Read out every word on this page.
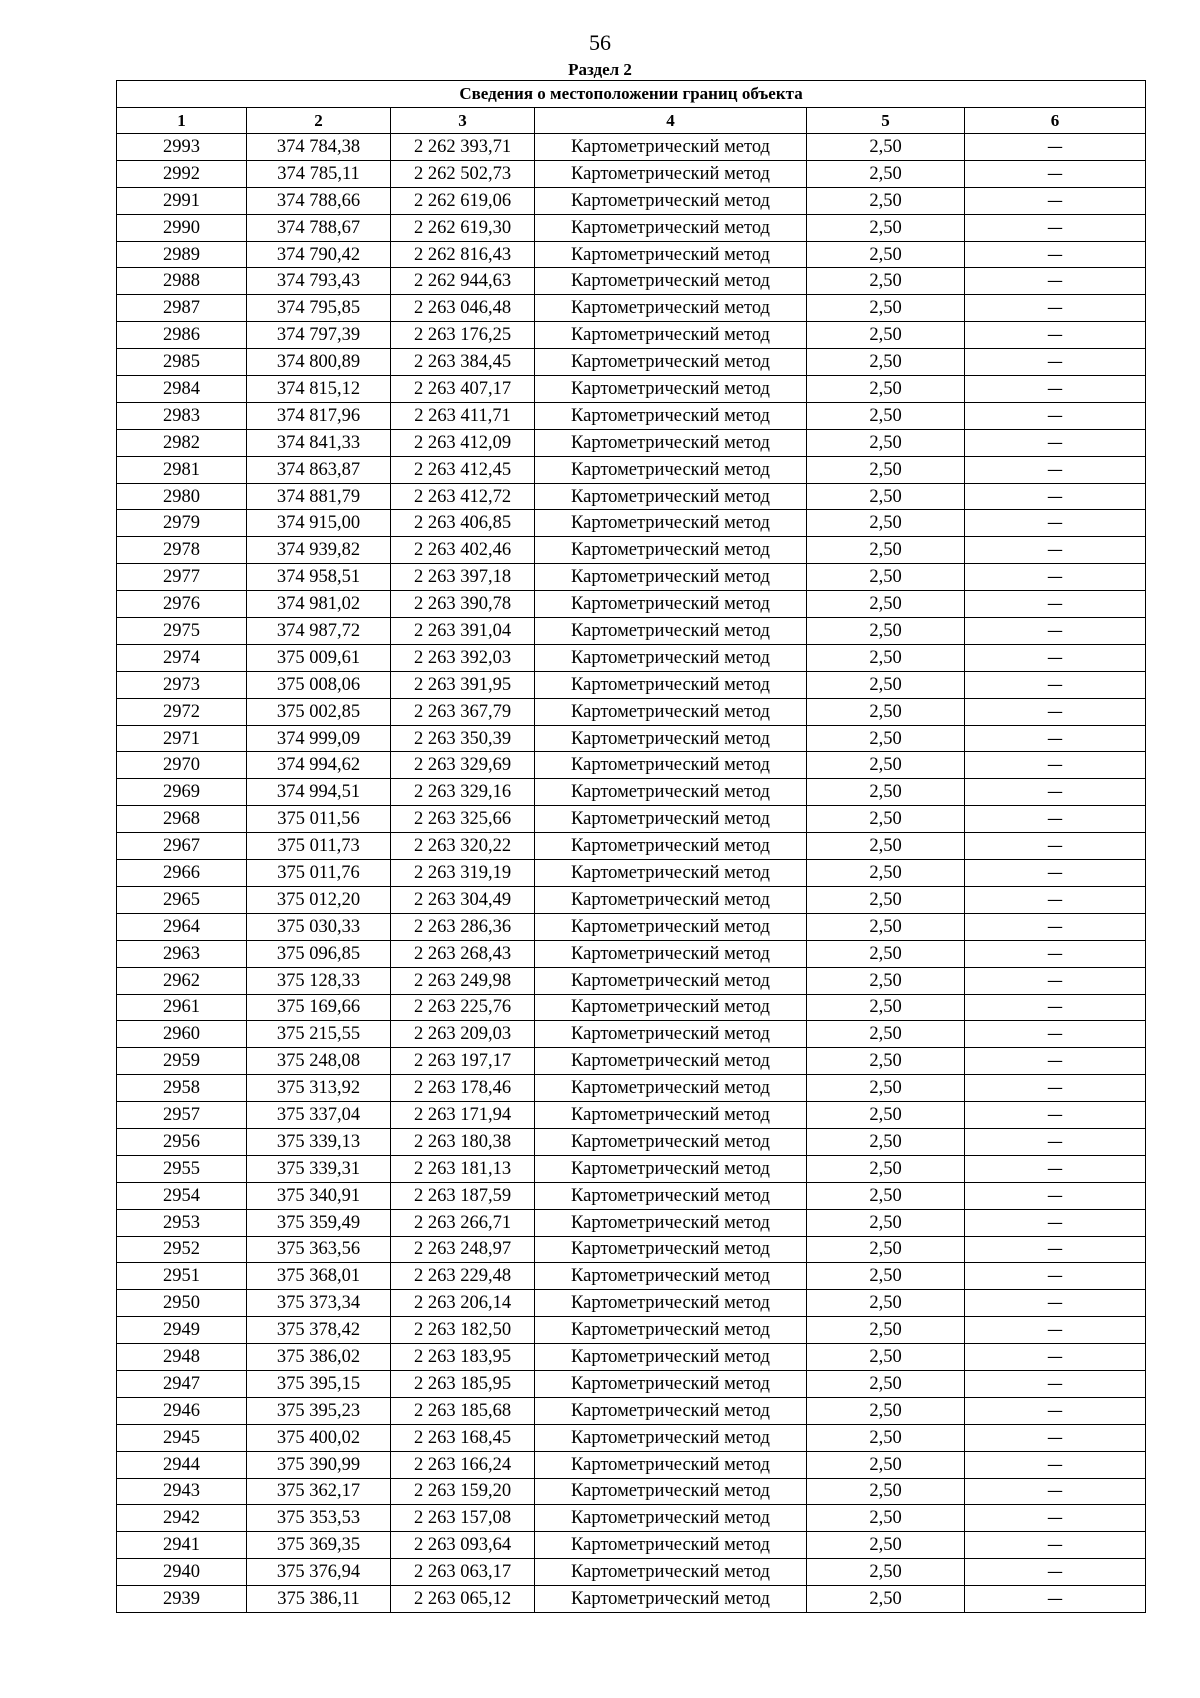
56
Раздел 2
Сведения о местоположении границ объекта					
1	2	3	4	5	6
2993	374 784,38	2 262 393,71	Картометрический метод	2,50	—
2992	374 785,11	2 262 502,73	Картометрический метод	2,50	—
2991	374 788,66	2 262 619,06	Картометрический метод	2,50	—
2990	374 788,67	2 262 619,30	Картометрический метод	2,50	—
2989	374 790,42	2 262 816,43	Картометрический метод	2,50	—
2988	374 793,43	2 262 944,63	Картометрический метод	2,50	—
2987	374 795,85	2 263 046,48	Картометрический метод	2,50	—
2986	374 797,39	2 263 176,25	Картометрический метод	2,50	—
2985	374 800,89	2 263 384,45	Картометрический метод	2,50	—
2984	374 815,12	2 263 407,17	Картометрический метод	2,50	—
2983	374 817,96	2 263 411,71	Картометрический метод	2,50	—
2982	374 841,33	2 263 412,09	Картометрический метод	2,50	—
2981	374 863,87	2 263 412,45	Картометрический метод	2,50	—
2980	374 881,79	2 263 412,72	Картометрический метод	2,50	—
2979	374 915,00	2 263 406,85	Картометрический метод	2,50	—
2978	374 939,82	2 263 402,46	Картометрический метод	2,50	—
2977	374 958,51	2 263 397,18	Картометрический метод	2,50	—
2976	374 981,02	2 263 390,78	Картометрический метод	2,50	—
2975	374 987,72	2 263 391,04	Картометрический метод	2,50	—
2974	375 009,61	2 263 392,03	Картометрический метод	2,50	—
2973	375 008,06	2 263 391,95	Картометрический метод	2,50	—
2972	375 002,85	2 263 367,79	Картометрический метод	2,50	—
2971	374 999,09	2 263 350,39	Картометрический метод	2,50	—
2970	374 994,62	2 263 329,69	Картометрический метод	2,50	—
2969	374 994,51	2 263 329,16	Картометрический метод	2,50	—
2968	375 011,56	2 263 325,66	Картометрический метод	2,50	—
2967	375 011,73	2 263 320,22	Картометрический метод	2,50	—
2966	375 011,76	2 263 319,19	Картометрический метод	2,50	—
2965	375 012,20	2 263 304,49	Картометрический метод	2,50	—
2964	375 030,33	2 263 286,36	Картометрический метод	2,50	—
2963	375 096,85	2 263 268,43	Картометрический метод	2,50	—
2962	375 128,33	2 263 249,98	Картометрический метод	2,50	—
2961	375 169,66	2 263 225,76	Картометрический метод	2,50	—
2960	375 215,55	2 263 209,03	Картометрический метод	2,50	—
2959	375 248,08	2 263 197,17	Картометрический метод	2,50	—
2958	375 313,92	2 263 178,46	Картометрический метод	2,50	—
2957	375 337,04	2 263 171,94	Картометрический метод	2,50	—
2956	375 339,13	2 263 180,38	Картометрический метод	2,50	—
2955	375 339,31	2 263 181,13	Картометрический метод	2,50	—
2954	375 340,91	2 263 187,59	Картометрический метод	2,50	—
2953	375 359,49	2 263 266,71	Картометрический метод	2,50	—
2952	375 363,56	2 263 248,97	Картометрический метод	2,50	—
2951	375 368,01	2 263 229,48	Картометрический метод	2,50	—
2950	375 373,34	2 263 206,14	Картометрический метод	2,50	—
2949	375 378,42	2 263 182,50	Картометрический метод	2,50	—
2948	375 386,02	2 263 183,95	Картометрический метод	2,50	—
2947	375 395,15	2 263 185,95	Картометрический метод	2,50	—
2946	375 395,23	2 263 185,68	Картометрический метод	2,50	—
2945	375 400,02	2 263 168,45	Картометрический метод	2,50	—
2944	375 390,99	2 263 166,24	Картометрический метод	2,50	—
2943	375 362,17	2 263 159,20	Картометрический метод	2,50	—
2942	375 353,53	2 263 157,08	Картометрический метод	2,50	—
2941	375 369,35	2 263 093,64	Картометрический метод	2,50	—
2940	375 376,94	2 263 063,17	Картометрический метод	2,50	—
2939	375 386,11	2 263 065,12	Картометрический метод	2,50	—
